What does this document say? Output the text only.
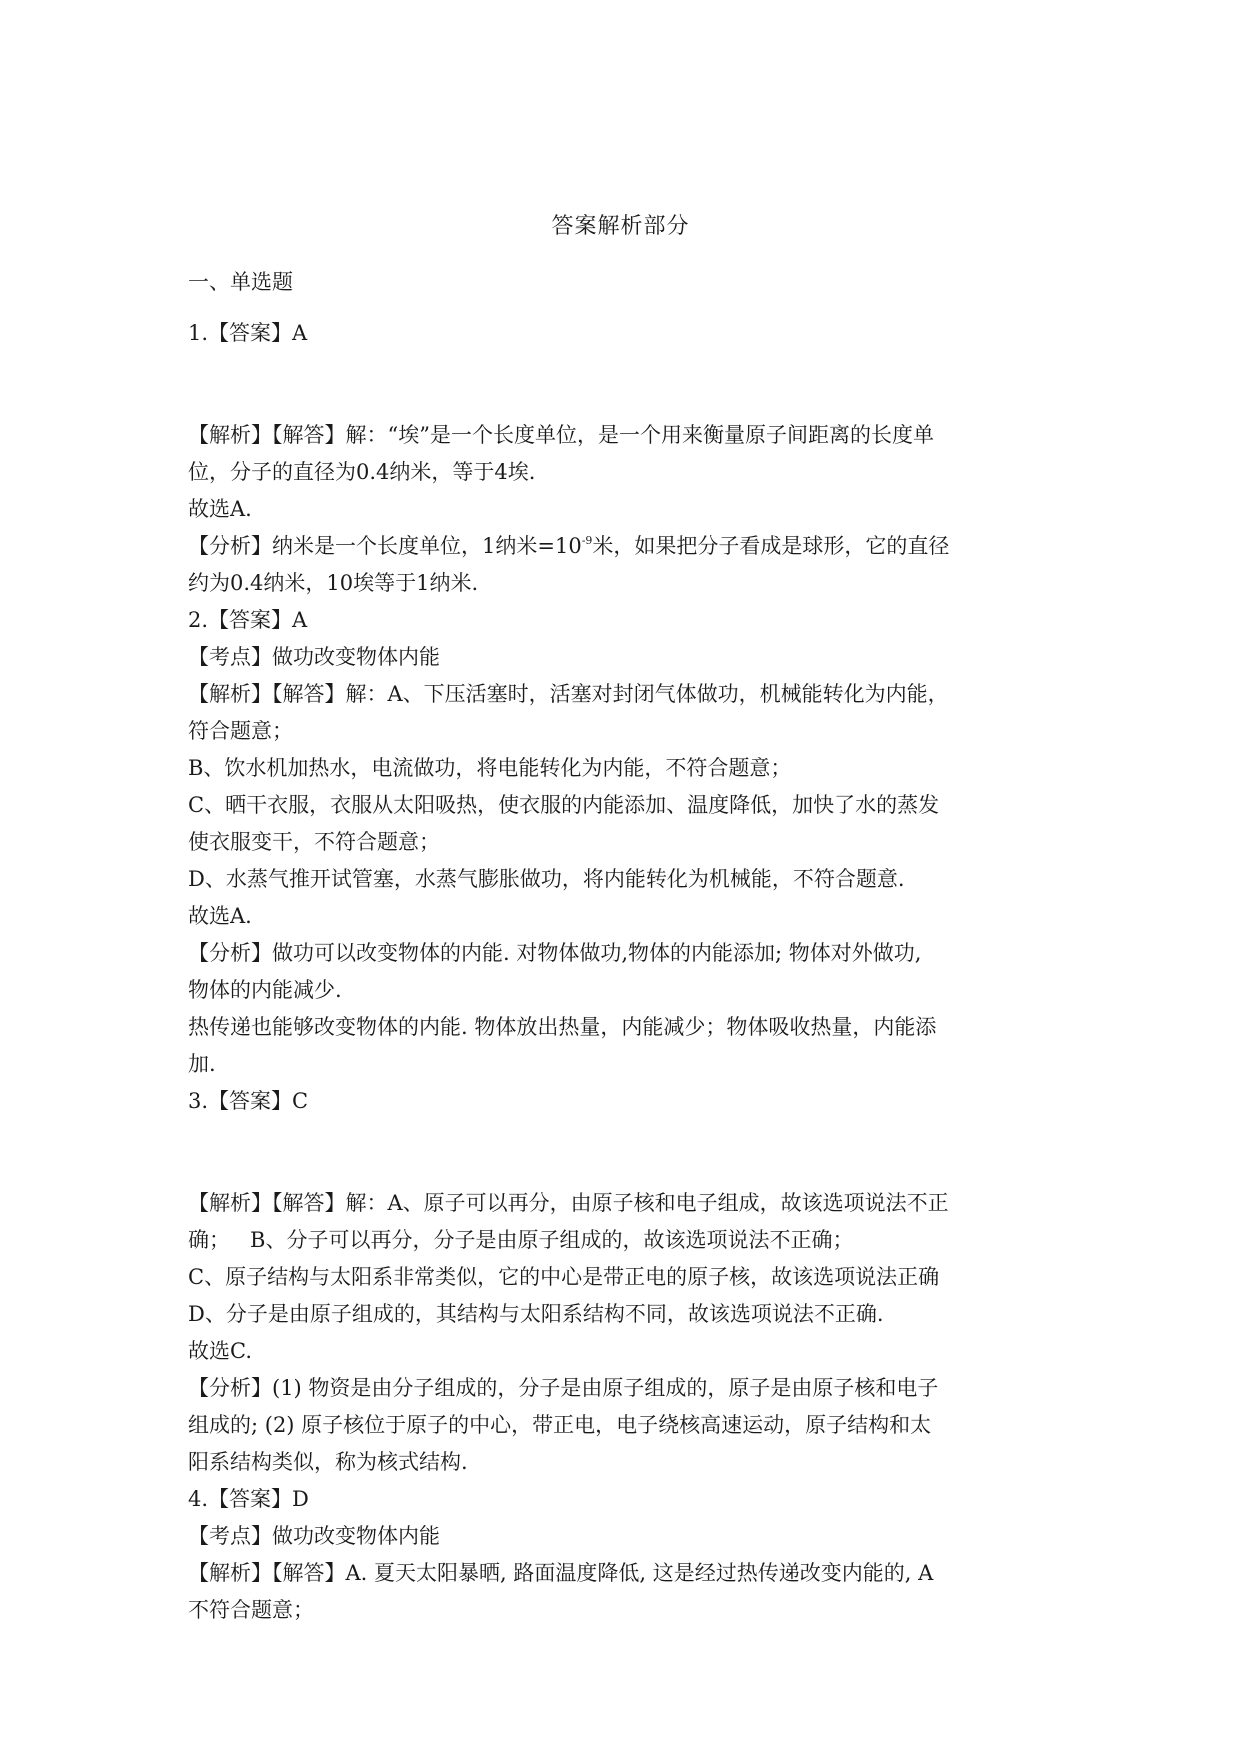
答案解析部分
一、单选题
1.【答案】A
【解析】【解答】解：“埃”是一个长度单位，是一个用来衡量原子间距离的长度单
位，分子的直径为0.4纳米，等于4埃.
故选A.
【分析】纳米是一个长度单位，1纳米$=10^{-9}$米，如果把分子看成是球形，它的直径
约为0.4纳米，10埃等于1纳米.
2.【答案】A
【考点】做功改变物体内能
【解析】【解答】解：A、下压活塞时，活塞对封闭气体做功，机械能转化为内能，
符合题意；
B、饮水机加热水，电流做功，将电能转化为内能，不符合题意；
C、晒干衣服，衣服从太阳吸热，使衣服的内能添加、温度降低，加快了水的蒸发
使衣服变干，不符合题意；
D、水蒸气推开试管塞，水蒸气膨胀做功，将内能转化为机械能，不符合题意.
故选A.
【分析】做功可以改变物体的内能. 对物体做功,物体的内能添加; 物体对外做功,
物体的内能减少.
热传递也能够改变物体的内能. 物体放出热量，内能减少；物体吸收热量，内能添
加.
3.【答案】C
【解析】【解答】解：A、原子可以再分，由原子核和电子组成，故该选项说法不正
确；   B、分子可以再分，分子是由原子组成的，故该选项说法不正确；
C、原子结构与太阳系非常类似，它的中心是带正电的原子核，故该选项说法正确
D、分子是由原子组成的，其结构与太阳系结构不同，故该选项说法不正确.
故选C.
【分析】(1) 物资是由分子组成的，分子是由原子组成的，原子是由原子核和电子
组成的; (2) 原子核位于原子的中心，带正电，电子绕核高速运动，原子结构和太
阳系结构类似，称为核式结构.
4.【答案】D
【考点】做功改变物体内能
【解析】【解答】A. 夏天太阳暴晒, 路面温度降低, 这是经过热传递改变内能的, A
不符合题意；
